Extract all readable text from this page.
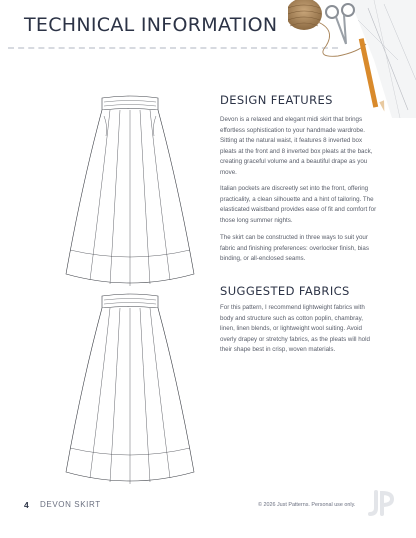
TECHNICAL INFORMATION
DESIGN FEATURES

Devon is a relaxed and elegant midi skirt that brings effortless sophistication to your handmade wardrobe. Sitting at the natural waist, it features 8 inverted box pleats at the front and 8 inverted box pleats at the back, creating graceful volume and a beautiful drape as you move.

Italian pockets are discreetly set into the front, offering practicality, a clean silhouette and a hint of tailoring. The elasticated waistband provides ease of fit and comfort for those long summer nights.

The skirt can be constructed in three ways to suit your fabric and finishing preferences: overlocker finish, bias binding, or all-enclosed seams.

SUGGESTED FABRICS

For this pattern, I recommend lightweight fabrics with body and structure such as cotton poplin, chambray, linen, linen blends, or lightweight wool suiting. Avoid overly drapey or stretchy fabrics, as the pleats will hold their shape best in crisp, woven materials.

4 DEVON SKIRT	© 2026 Just Patterns. Personal use only.
